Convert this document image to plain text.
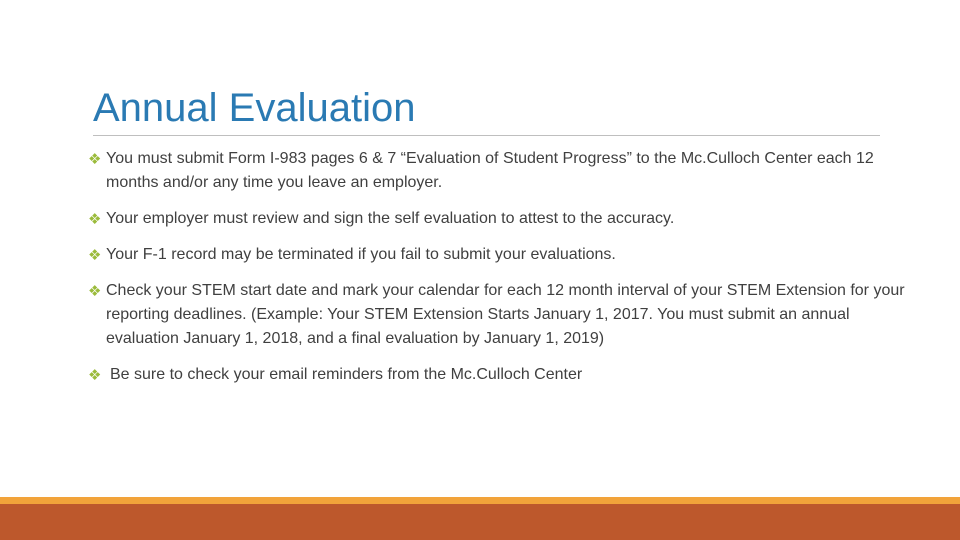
Annual Evaluation
❖ You must submit Form I-983 pages 6 & 7 “Evaluation of Student Progress” to the Mc.Culloch Center each 12 months and/or any time you leave an employer.
❖ Your employer must review and sign the self evaluation to attest to the accuracy.
❖ Your F-1 record may be terminated if you fail to submit your evaluations.
❖ Check your STEM start date and mark your calendar for each 12 month interval of your STEM Extension for your reporting deadlines. (Example: Your STEM Extension Starts January 1, 2017. You must submit an annual evaluation January 1, 2018, and a final evaluation by January 1, 2019)
❖ Be sure to check your email reminders from the Mc.Culloch Center
